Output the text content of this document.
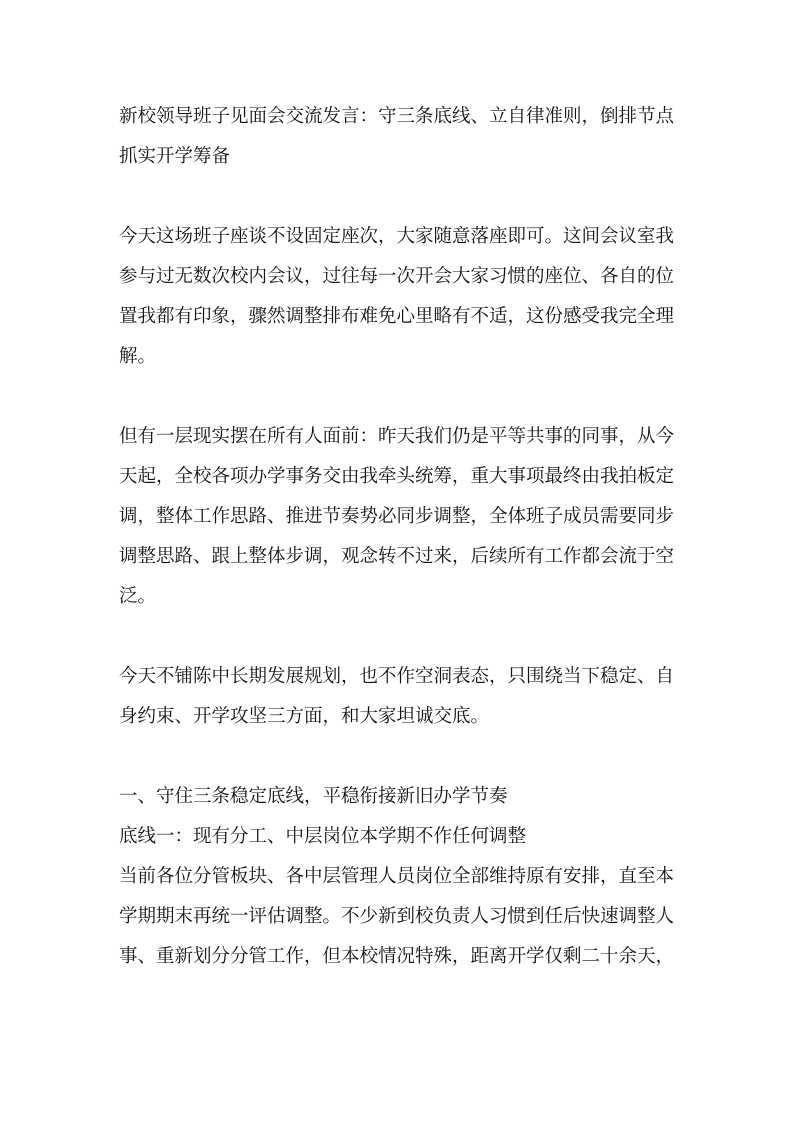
新校领导班子见面会交流发言：守三条底线、立自律准则，倒排节点抓实开学筹备

今天这场班子座谈不设固定座次，大家随意落座即可。这间会议室我参与过无数次校内会议，过往每一次开会大家习惯的座位、各自的位置我都有印象，骤然调整排布难免心里略有不适，这份感受我完全理解。

但有一层现实摆在所有人面前：昨天我们仍是平等共事的同事，从今天起，全校各项办学事务交由我牵头统筹，重大事项最终由我拍板定调，整体工作思路、推进节奏势必同步调整，全体班子成员需要同步调整思路、跟上整体步调，观念转不过来，后续所有工作都会流于空泛。

今天不铺陈中长期发展规划，也不作空洞表态，只围绕当下稳定、自身约束、开学攻坚三方面，和大家坦诚交底。

一、守住三条稳定底线，平稳衔接新旧办学节奏

底线一：现有分工、中层岗位本学期不作任何调整

当前各位分管板块、各中层管理人员岗位全部维持原有安排，直至本学期期末再统一评估调整。不少新到校负责人习惯到任后快速调整人事、重新划分分管工作，但本校情况特殊，距离开学仅剩二十余天，
